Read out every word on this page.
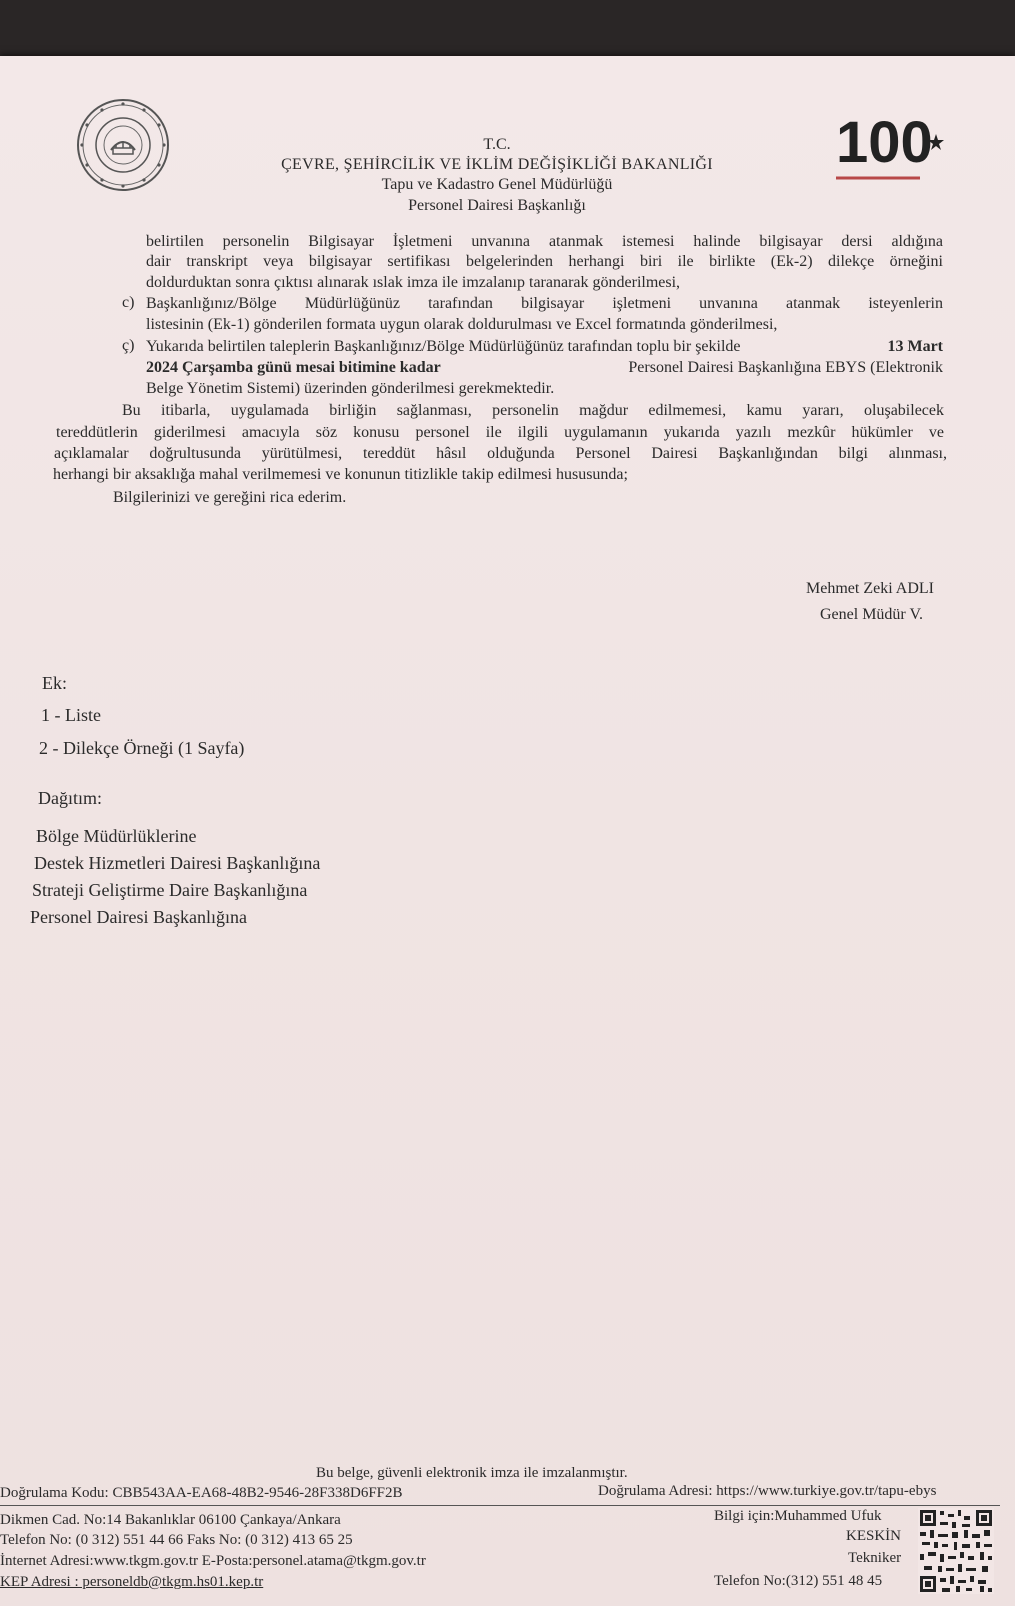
100
T.C.
ÇEVRE, ŞEHİRCİLİK VE İKLİM DEĞİŞİKLİĞİ BAKANLIĞI
Tapu ve Kadastro Genel Müdürlüğü
Personel Dairesi Başkanlığı
belirtilen personelin Bilgisayar İşletmeni unvanına atanmak istemesi halinde bilgisayar dersi aldığına
dair transkript veya bilgisayar sertifikası belgelerinden herhangi biri ile birlikte (Ek-2) dilekçe örneğini
doldurduktan sonra çıktısı alınarak ıslak imza ile imzalanıp taranarak gönderilmesi,
c) Başkanlığınız/Bölge Müdürlüğünüz tarafından bilgisayar işletmeni unvanına atanmak isteyenlerin
listesinin (Ek-1) gönderilen formata uygun olarak doldurulması ve Excel formatında gönderilmesi,
ç) Yukarıda belirtilen taleplerin Başkanlığınız/Bölge Müdürlüğünüz tarafından toplu bir şekilde	13 Mart
2024 Çarşamba günü mesai bitimine kadar	Personel Dairesi Başkanlığına EBYS (Elektronik
Belge Yönetim Sistemi) üzerinden gönderilmesi gerekmektedir.
Bu itibarla, uygulamada birliğin sağlanması, personelin mağdur edilmemesi, kamu yararı, oluşabilecek
tereddütlerin giderilmesi amacıyla söz konusu personel ile ilgili uygulamanın yukarıda yazılı mezkûr hükümler ve
açıklamalar doğrultusunda yürütülmesi, tereddüt hâsıl olduğunda Personel Dairesi Başkanlığından bilgi alınması,
herhangi bir aksaklığa mahal verilmemesi ve konunun titizlikle takip edilmesi hususunda;
Bilgilerinizi ve gereğini rica ederim.
Mehmet Zeki ADLI
Genel Müdür V.
Ek:
1 - Liste
2 - Dilekçe Örneği (1 Sayfa)
Dağıtım:
Bölge Müdürlüklerine
Destek Hizmetleri Dairesi Başkanlığına
Strateji Geliştirme Daire Başkanlığına
Personel Dairesi Başkanlığına
Bu belge, güvenli elektronik imza ile imzalanmıştır.
Doğrulama Kodu: CBB543AA-EA68-48B2-9546-28F338D6FF2B	Doğrulama Adresi: https://www.turkiye.gov.tr/tapu-ebys
Dikmen Cad. No:14 Bakanlıklar 06100 Çankaya/Ankara
Telefon No: (0 312) 551 44 66 Faks No: (0 312) 413 65 25
İnternet Adresi:www.tkgm.gov.tr E-Posta:personel.atama@tkgm.gov.tr
KEP Adresi : personeldb@tkgm.hs01.kep.tr
Bilgi için:Muhammed Ufuk
KESKİN
Tekniker
Telefon No:(312) 551 48 45
